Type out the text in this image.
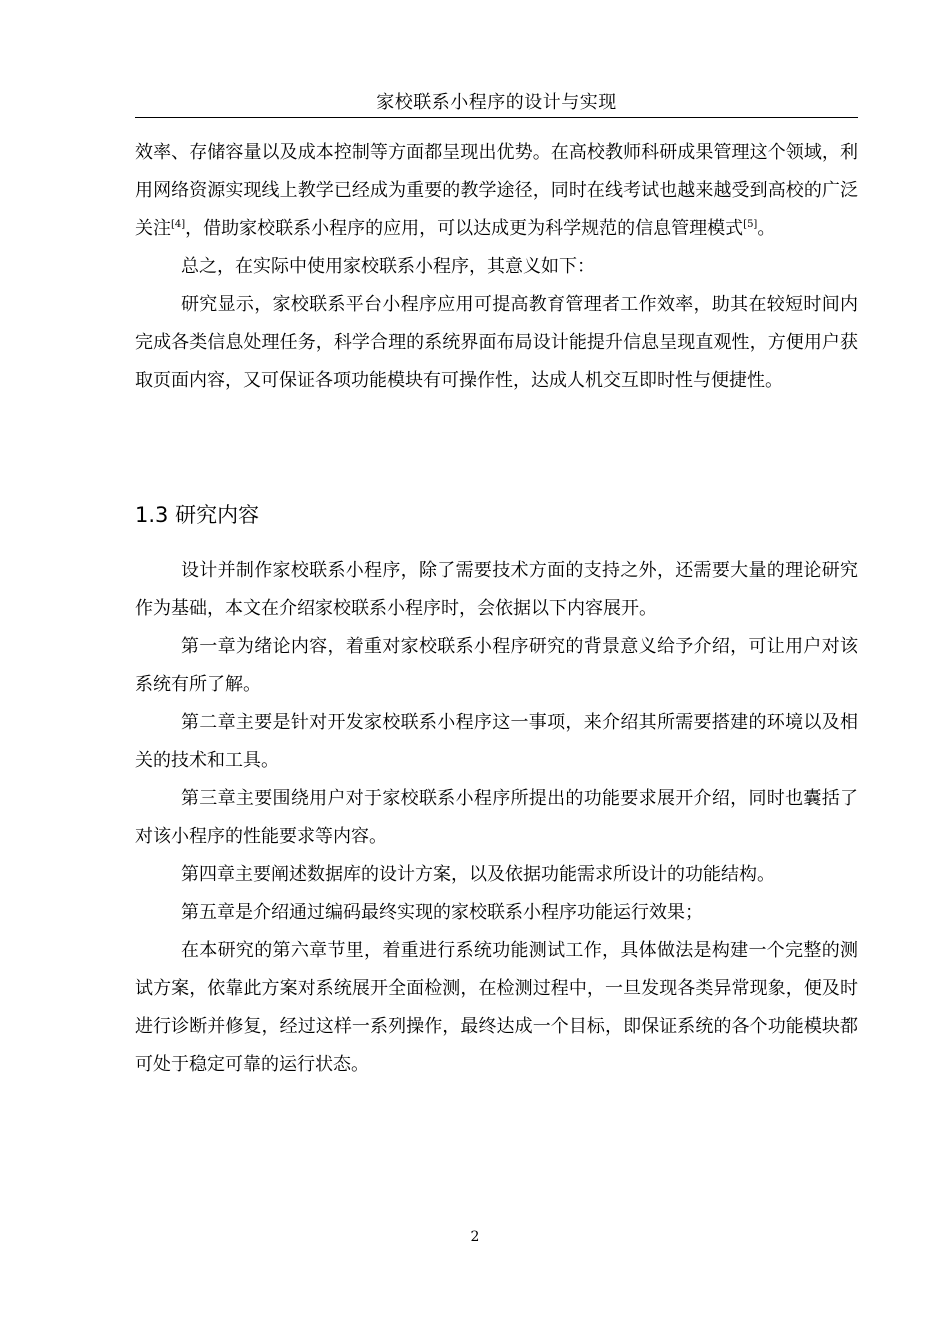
家校联系小程序的设计与实现

效率、存储容量以及成本控制等方面都呈现出优势。在高校教师科研成果管理这个领域，利用网络资源实现线上教学已经成为重要的教学途径，同时在线考试也越来越受到高校的广泛关注[4]，借助家校联系小程序的应用，可以达成更为科学规范的信息管理模式[5]。

总之，在实际中使用家校联系小程序，其意义如下：

研究显示，家校联系平台小程序应用可提高教育管理者工作效率，助其在较短时间内完成各类信息处理任务，科学合理的系统界面布局设计能提升信息呈现直观性，方便用户获取页面内容，又可保证各项功能模块有可操作性，达成人机交互即时性与便捷性。

1.3 研究内容

设计并制作家校联系小程序，除了需要技术方面的支持之外，还需要大量的理论研究作为基础，本文在介绍家校联系小程序时，会依据以下内容展开。

第一章为绪论内容，着重对家校联系小程序研究的背景意义给予介绍，可让用户对该系统有所了解。

第二章主要是针对开发家校联系小程序这一事项，来介绍其所需要搭建的环境以及相关的技术和工具。

第三章主要围绕用户对于家校联系小程序所提出的功能要求展开介绍，同时也囊括了对该小程序的性能要求等内容。

第四章主要阐述数据库的设计方案，以及依据功能需求所设计的功能结构。

第五章是介绍通过编码最终实现的家校联系小程序功能运行效果；

在本研究的第六章节里，着重进行系统功能测试工作，具体做法是构建一个完整的测试方案，依靠此方案对系统展开全面检测，在检测过程中，一旦发现各类异常现象，便及时进行诊断并修复，经过这样一系列操作，最终达成一个目标，即保证系统的各个功能模块都可处于稳定可靠的运行状态。

2
